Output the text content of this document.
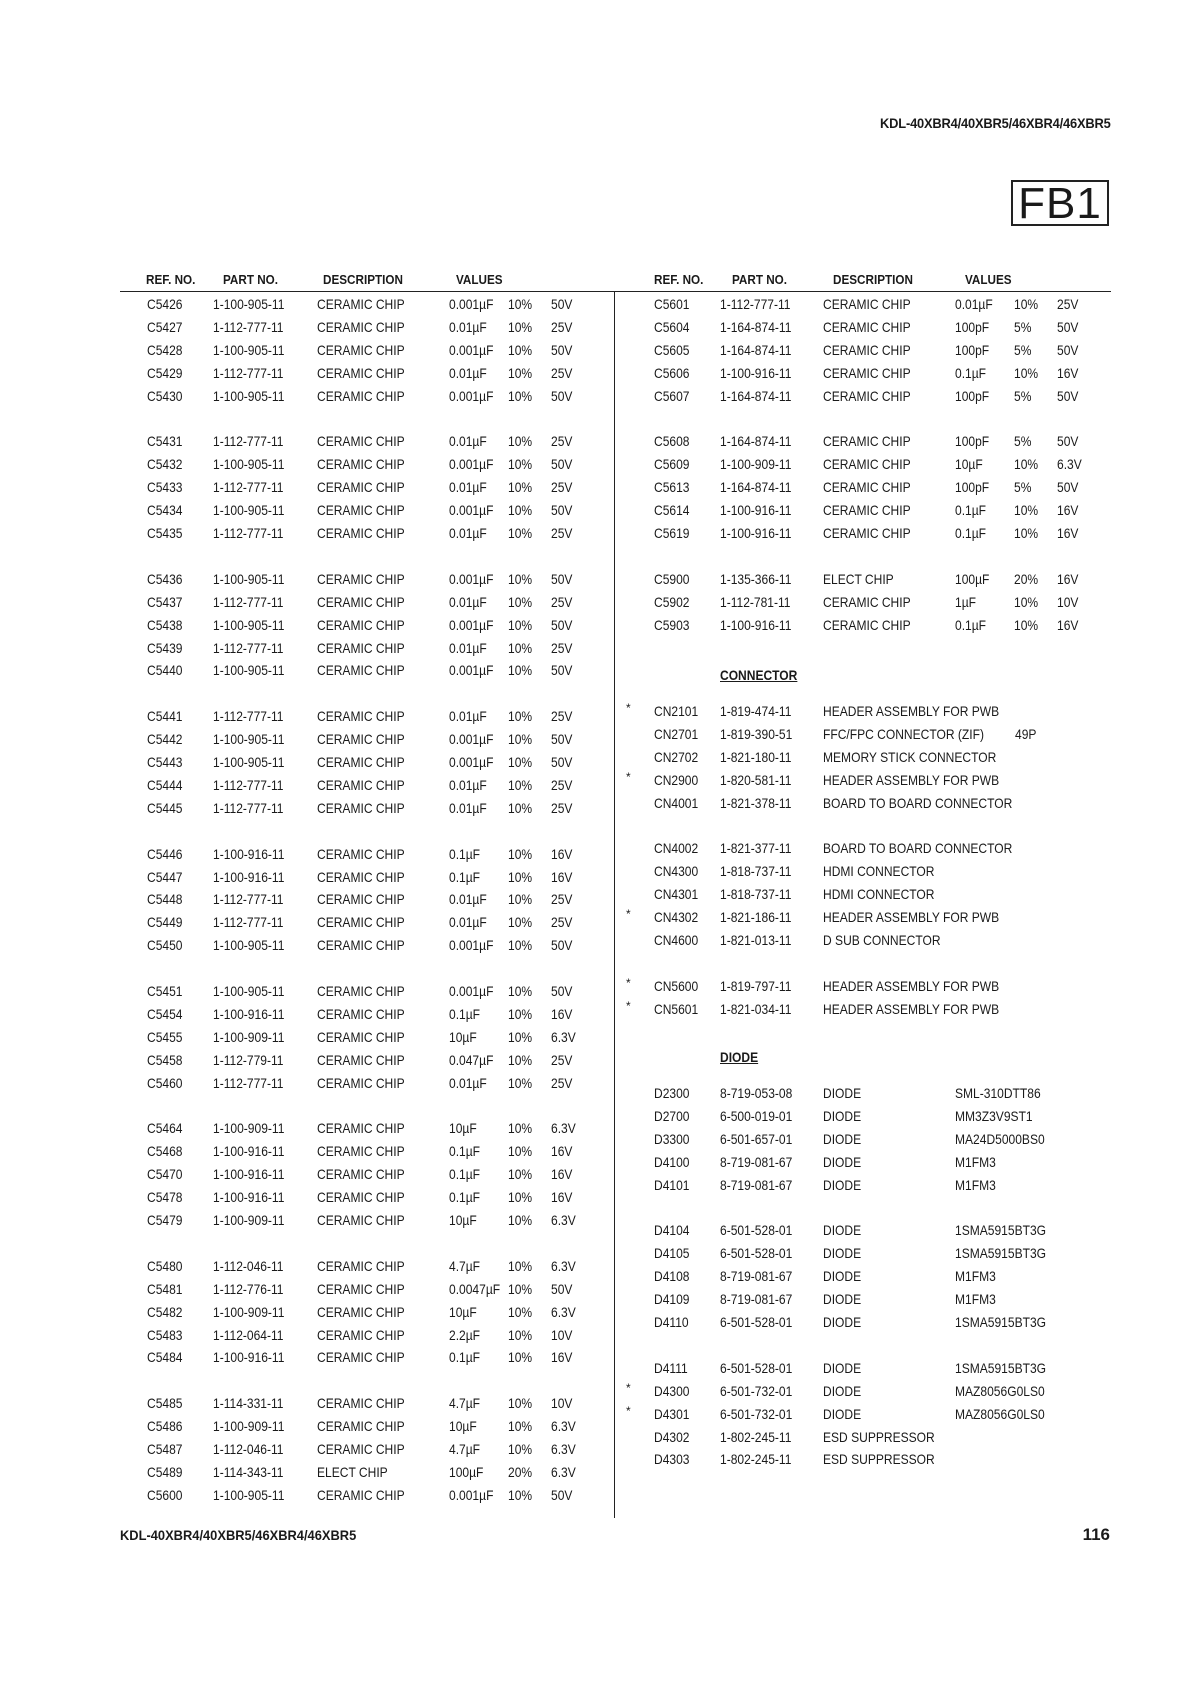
KDL-40XBR4/40XBR5/46XBR4/46XBR5
FB1
REF. NO. PART NO.	DESCRIPTION	VALUES	REF. NO. PART NO.	DESCRIPTION	VALUES
KDL-40XBR4/40XBR5/46XBR4/46XBR5	116
C5426 1-100-905-11 CERAMIC CHIP	0.001µF 10% 50V
C5427 1-112-777-11 CERAMIC CHIP	0.01µF 10% 25V
C5428 1-100-905-11 CERAMIC CHIP	0.001µF 10% 50V
C5429 1-112-777-11 CERAMIC CHIP	0.01µF 10% 25V
C5430 1-100-905-11 CERAMIC CHIP	0.001µF 10% 50V
C5431 1-112-777-11 CERAMIC CHIP	0.01µF 10% 25V
C5432 1-100-905-11 CERAMIC CHIP	0.001µF 10% 50V
C5433 1-112-777-11 CERAMIC CHIP	0.01µF 10% 25V
C5434 1-100-905-11 CERAMIC CHIP	0.001µF 10% 50V
C5435 1-112-777-11 CERAMIC CHIP	0.01µF 10% 25V
C5436 1-100-905-11 CERAMIC CHIP	0.001µF 10% 50V
C5437 1-112-777-11 CERAMIC CHIP	0.01µF 10% 25V
C5438 1-100-905-11 CERAMIC CHIP	0.001µF 10% 50V
C5439 1-112-777-11 CERAMIC CHIP	0.01µF 10% 25V
C5440 1-100-905-11 CERAMIC CHIP	0.001µF 10% 50V
C5441 1-112-777-11 CERAMIC CHIP	0.01µF 10% 25V
C5442 1-100-905-11 CERAMIC CHIP	0.001µF 10% 50V
C5443 1-100-905-11 CERAMIC CHIP	0.001µF 10% 50V
C5444 1-112-777-11 CERAMIC CHIP	0.01µF 10% 25V
C5445 1-112-777-11 CERAMIC CHIP	0.01µF 10% 25V
C5446 1-100-916-11 CERAMIC CHIP	0.1µF 10% 16V
C5447 1-100-916-11 CERAMIC CHIP	0.1µF 10% 16V
C5448 1-112-777-11 CERAMIC CHIP	0.01µF 10% 25V
C5449 1-112-777-11 CERAMIC CHIP	0.01µF 10% 25V
C5450 1-100-905-11 CERAMIC CHIP	0.001µF 10% 50V
C5451 1-100-905-11 CERAMIC CHIP	0.001µF 10% 50V
C5454 1-100-916-11 CERAMIC CHIP	0.1µF 10% 16V
C5455 1-100-909-11 CERAMIC CHIP	10µF 10% 6.3V
C5458 1-112-779-11 CERAMIC CHIP	0.047µF 10% 25V
C5460 1-112-777-11 CERAMIC CHIP	0.01µF 10% 25V
C5464 1-100-909-11 CERAMIC CHIP	10µF 10% 6.3V
C5468 1-100-916-11 CERAMIC CHIP	0.1µF 10% 16V
C5470 1-100-916-11 CERAMIC CHIP	0.1µF 10% 16V
C5478 1-100-916-11 CERAMIC CHIP	0.1µF 10% 16V
C5479 1-100-909-11 CERAMIC CHIP	10µF 10% 6.3V
C5480 1-112-046-11 CERAMIC CHIP	4.7µF 10% 6.3V
C5481 1-112-776-11 CERAMIC CHIP	0.0047µF 10% 50V
C5482 1-100-909-11 CERAMIC CHIP	10µF 10% 6.3V
C5483 1-112-064-11 CERAMIC CHIP	2.2µF 10% 10V
C5484 1-100-916-11 CERAMIC CHIP	0.1µF 10% 16V
C5485 1-114-331-11 CERAMIC CHIP	4.7µF 10% 10V
C5486 1-100-909-11 CERAMIC CHIP	10µF 10% 6.3V
C5487 1-112-046-11 CERAMIC CHIP	4.7µF 10% 6.3V
C5489 1-114-343-11 ELECT CHIP	100µF 20% 6.3V
C5600 1-100-905-11 CERAMIC CHIP	0.001µF 10% 50V
C5601 1-112-777-11 CERAMIC CHIP	0.01µF 10% 25V
C5604 1-164-874-11 CERAMIC CHIP	100pF 5% 50V
C5605 1-164-874-11 CERAMIC CHIP	100pF 5% 50V
C5606 1-100-916-11 CERAMIC CHIP	0.1µF 10% 16V
C5607 1-164-874-11 CERAMIC CHIP	100pF 5% 50V
C5608 1-164-874-11 CERAMIC CHIP	100pF 5% 50V
C5609 1-100-909-11 CERAMIC CHIP	10µF 10% 6.3V
C5613 1-164-874-11 CERAMIC CHIP	100pF 5% 50V
C5614 1-100-916-11 CERAMIC CHIP	0.1µF 10% 16V
C5619 1-100-916-11 CERAMIC CHIP	0.1µF 10% 16V
C5900 1-135-366-11 ELECT CHIP	100µF 20% 16V
C5902 1-112-781-11 CERAMIC CHIP	1µF	10% 10V
C5903 1-100-916-11 CERAMIC CHIP	0.1µF 10% 16V
CONNECTOR
* CN2101 1-819-474-11 HEADER ASSEMBLY FOR PWB
CN2701 1-819-390-51 FFC/FPC CONNECTOR (ZIF) 49P
CN2702 1-821-180-11 MEMORY STICK CONNECTOR
* CN2900 1-820-581-11 HEADER ASSEMBLY FOR PWB
CN4001 1-821-378-11 BOARD TO BOARD CONNECTOR
CN4002 1-821-377-11 BOARD TO BOARD CONNECTOR
CN4300 1-818-737-11 HDMI CONNECTOR
CN4301 1-818-737-11 HDMI CONNECTOR
* CN4302 1-821-186-11 HEADER ASSEMBLY FOR PWB
CN4600 1-821-013-11 D SUB CONNECTOR
* CN5600 1-819-797-11 HEADER ASSEMBLY FOR PWB
* CN5601 1-821-034-11 HEADER ASSEMBLY FOR PWB
DIODE
D2300 8-719-053-08 DIODE	SML-310DTT86
D2700 6-500-019-01 DIODE	MM3Z3V9ST1
D3300 6-501-657-01 DIODE	MA24D5000BS0
D4100 8-719-081-67 DIODE	M1FM3
D4101 8-719-081-67 DIODE	M1FM3
D4104 6-501-528-01 DIODE	1SMA5915BT3G
D4105 6-501-528-01 DIODE	1SMA5915BT3G
D4108 8-719-081-67 DIODE	M1FM3
D4109 8-719-081-67 DIODE	M1FM3
D4110 6-501-528-01 DIODE	1SMA5915BT3G
D4111 6-501-528-01 DIODE	1SMA5915BT3G
* D4300 6-501-732-01 DIODE	MAZ8056G0LS0
* D4301 6-501-732-01 DIODE	MAZ8056G0LS0
D4302 1-802-245-11 ESD SUPPRESSOR
D4303 1-802-245-11 ESD SUPPRESSOR
